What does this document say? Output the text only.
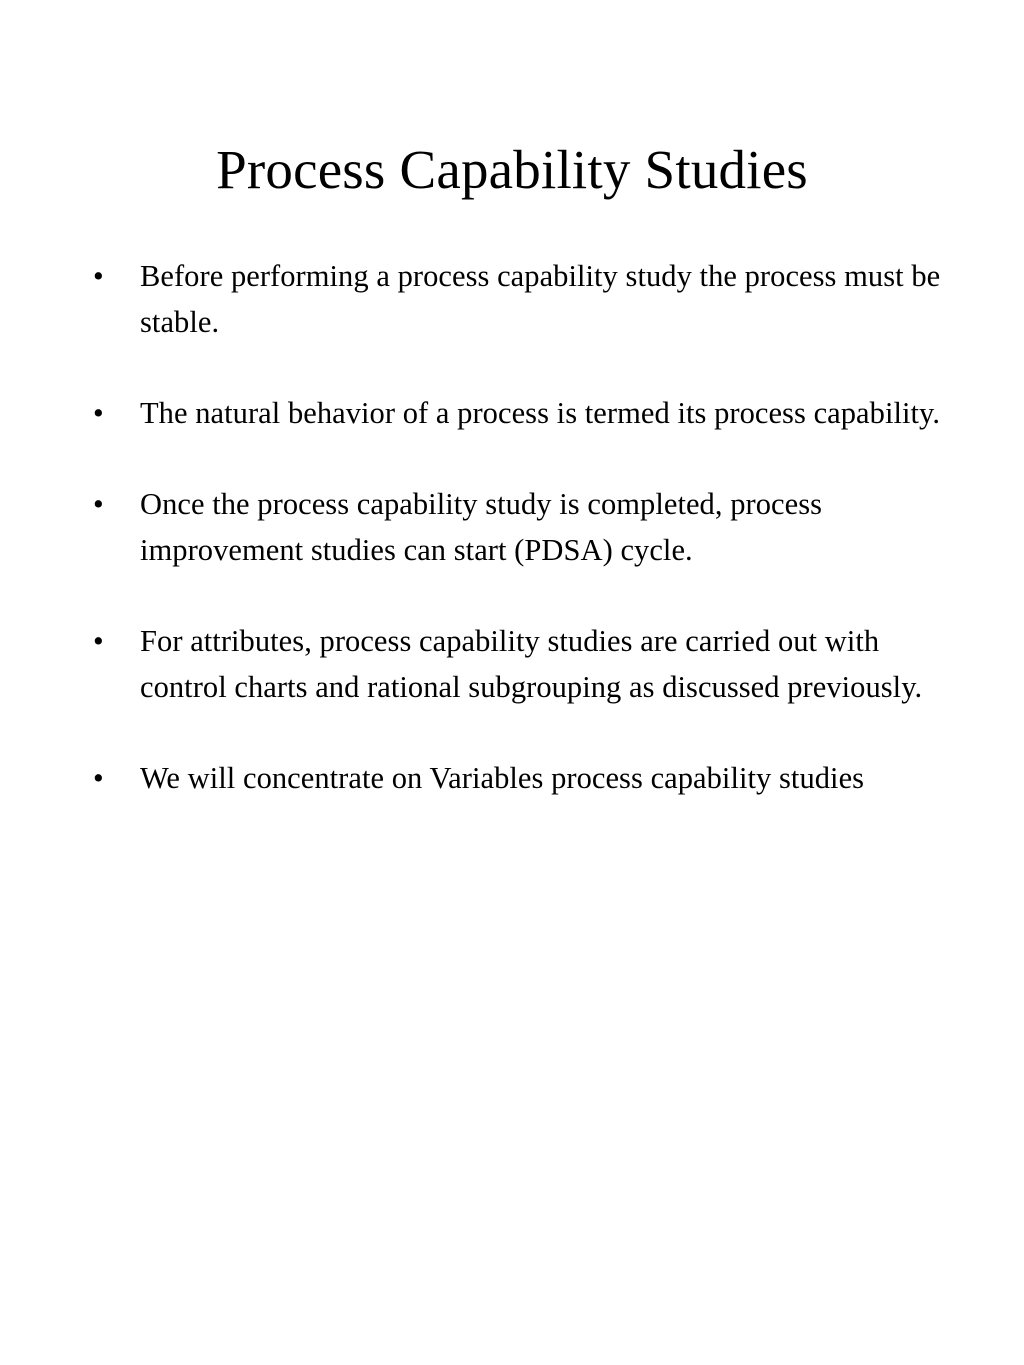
Process Capability Studies
•	Before performing a process capability study the process must be stable.
•	The natural behavior of a process is termed its process capability.
•	Once the process capability study is completed, process improvement studies can start (PDSA) cycle.
•	For attributes, process capability studies are carried out with control charts and rational subgrouping as discussed previously.
•	We will concentrate on Variables process capability studies
